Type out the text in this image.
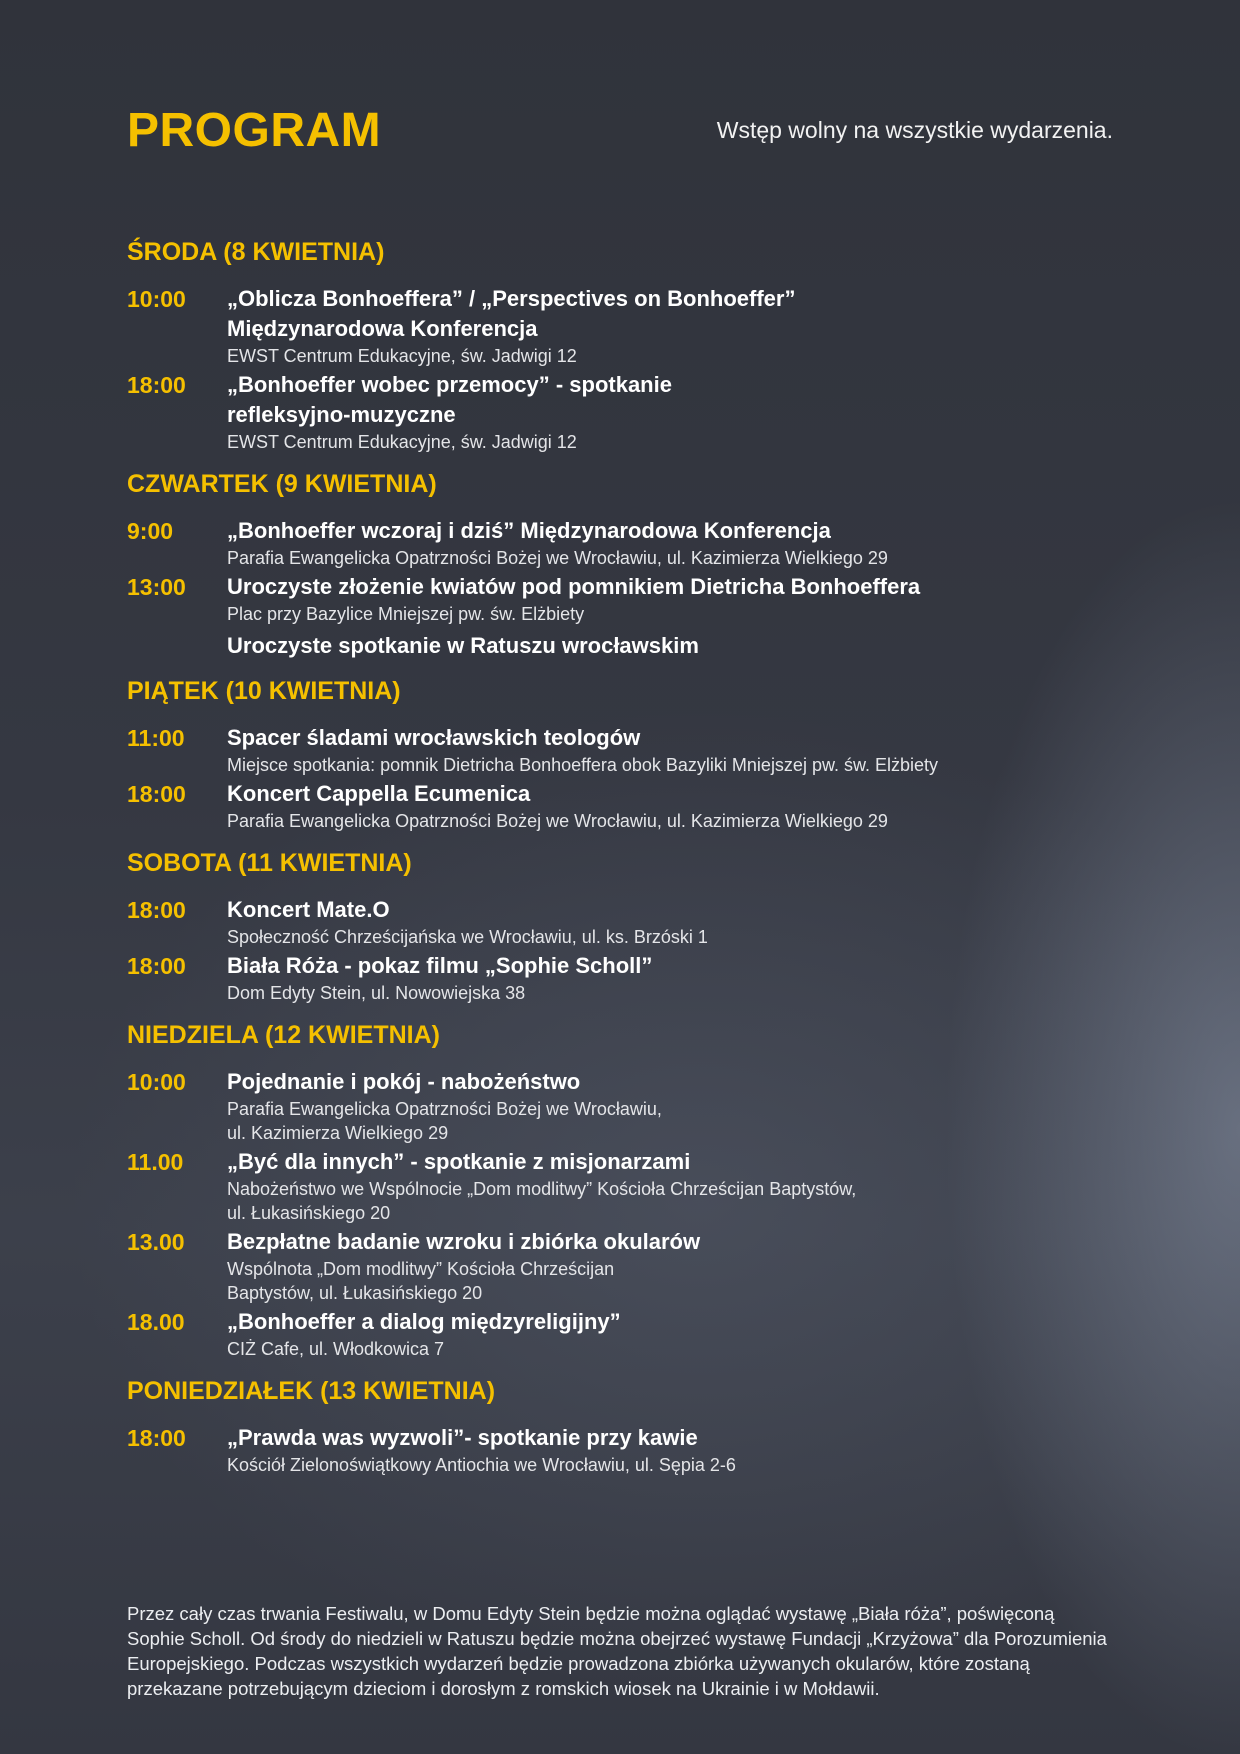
PROGRAM	Wstęp wolny na wszystkie wydarzenia.
ŚRODA (8 KWIETNIA)
10:00	„Oblicza Bonhoeffera” / „Perspectives on Bonhoeffer” Międzynarodowa Konferencja
EWST Centrum Edukacyjne, św. Jadwigi 12
18:00	„Bonhoeffer wobec przemocy” - spotkanie refleksyjno-muzyczne
EWST Centrum Edukacyjne, św. Jadwigi 12
CZWARTEK (9 KWIETNIA)
9:00	„Bonhoeffer wczoraj i dziś” Międzynarodowa Konferencja
Parafia Ewangelicka Opatrzności Bożej we Wrocławiu, ul. Kazimierza Wielkiego 29
13:00	Uroczyste złożenie kwiatów pod pomnikiem Dietricha Bonhoeffera
Plac przy Bazylice Mniejszej pw. św. Elżbiety
Uroczyste spotkanie w Ratuszu wrocławskim
PIĄTEK (10 KWIETNIA)
11:00	Spacer śladami wrocławskich teologów
Miejsce spotkania: pomnik Dietricha Bonhoeffera obok Bazyliki Mniejszej pw. św. Elżbiety
18:00	Koncert Cappella Ecumenica
Parafia Ewangelicka Opatrzności Bożej we Wrocławiu, ul. Kazimierza Wielkiego 29
SOBOTA (11 KWIETNIA)
18:00	Koncert Mate.O
Społeczność Chrześcijańska we Wrocławiu, ul. ks. Brzóski 1
18:00	Biała Róża - pokaz filmu „Sophie Scholl”
Dom Edyty Stein, ul. Nowowiejska 38
NIEDZIELA (12 KWIETNIA)
10:00	Pojednanie i pokój - nabożeństwo
Parafia Ewangelicka Opatrzności Bożej we Wrocławiu,
ul. Kazimierza Wielkiego 29
11.00	„Być dla innych” - spotkanie z misjonarzami
Nabożeństwo we Wspólnocie „Dom modlitwy” Kościoła Chrześcijan Baptystów,
ul. Łukasińskiego 20
13.00	Bezpłatne badanie wzroku i zbiórka okularów
Wspólnota „Dom modlitwy” Kościoła Chrześcijan
Baptystów, ul. Łukasińskiego 20
18.00	„Bonhoeffer a dialog międzyreligijny”
CIŻ Cafe, ul. Włodkowica 7
PONIEDZIAŁEK (13 KWIETNIA)
18:00	„Prawda was wyzwoli”- spotkanie przy kawie
Kościół Zielonoświątkowy Antiochia we Wrocławiu, ul. Sępia 2-6

Przez cały czas trwania Festiwalu, w Domu Edyty Stein będzie można oglądać wystawę „Biała róża”, poświęconą Sophie Scholl. Od środy do niedzieli w Ratuszu będzie można obejrzeć wystawę Fundacji „Krzyżowa” dla Porozumienia Europejskiego. Podczas wszystkich wydarzeń będzie prowadzona zbiórka używanych okularów, które zostaną przekazane potrzebującym dzieciom i dorosłym z romskich wiosek na Ukrainie i w Mołdawii.
